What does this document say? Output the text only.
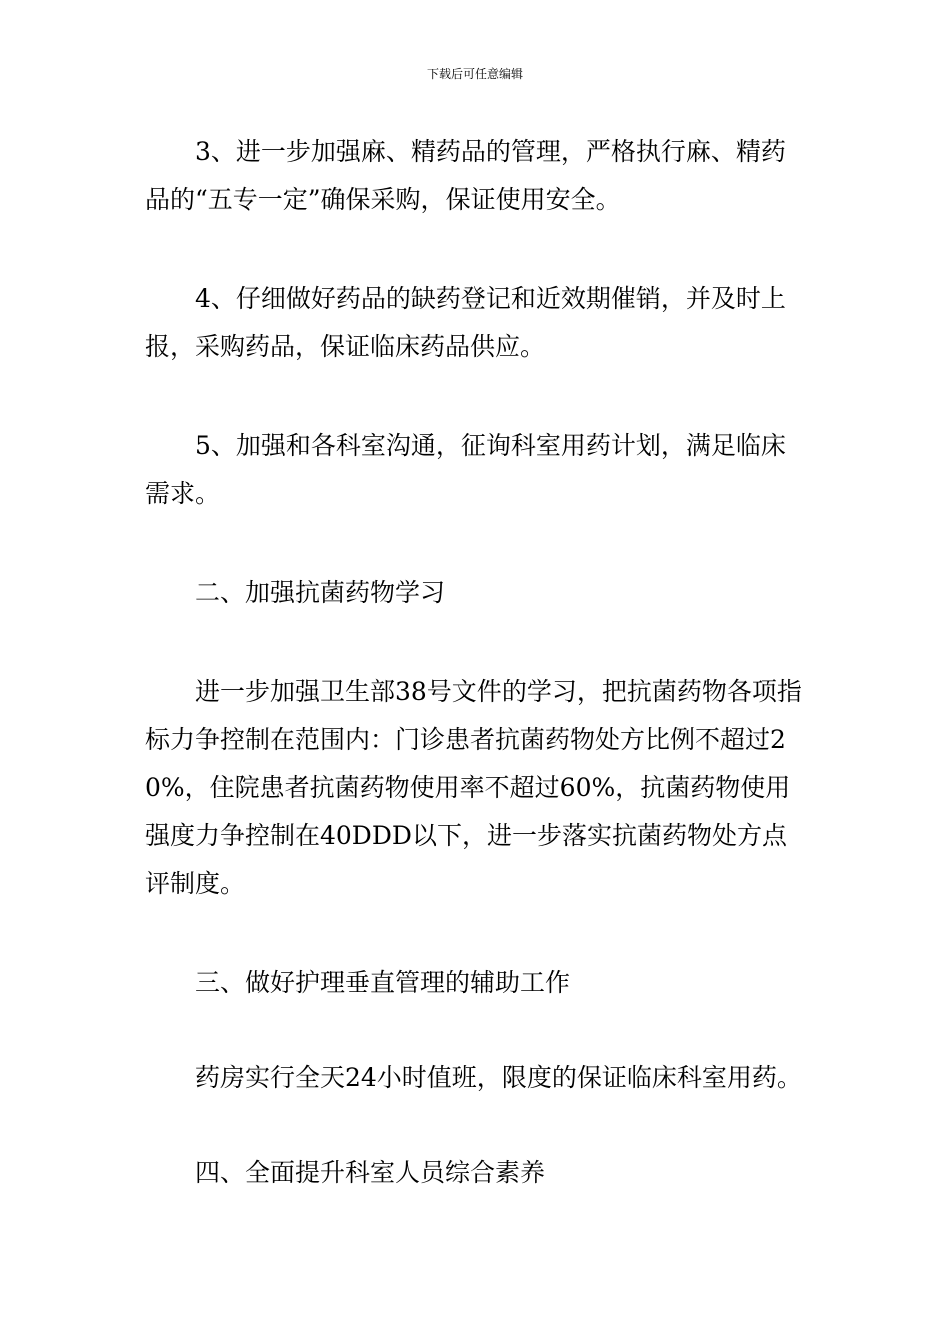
下载后可任意编辑

3、进一步加强麻、精药品的管理，严格执行麻、精药品的“五专一定”确保采购，保证使用安全。

4、仔细做好药品的缺药登记和近效期催销，并及时上报，采购药品，保证临床药品供应。

5、加强和各科室沟通，征询科室用药计划，满足临床需求。

二、加强抗菌药物学习

进一步加强卫生部38号文件的学习，把抗菌药物各项指标力争控制在范围内：门诊患者抗菌药物处方比例不超过20%，住院患者抗菌药物使用率不超过60%，抗菌药物使用强度力争控制在40DDD以下，进一步落实抗菌药物处方点评制度。

三、做好护理垂直管理的辅助工作

药房实行全天24小时值班，限度的保证临床科室用药。

四、全面提升科室人员综合素养
